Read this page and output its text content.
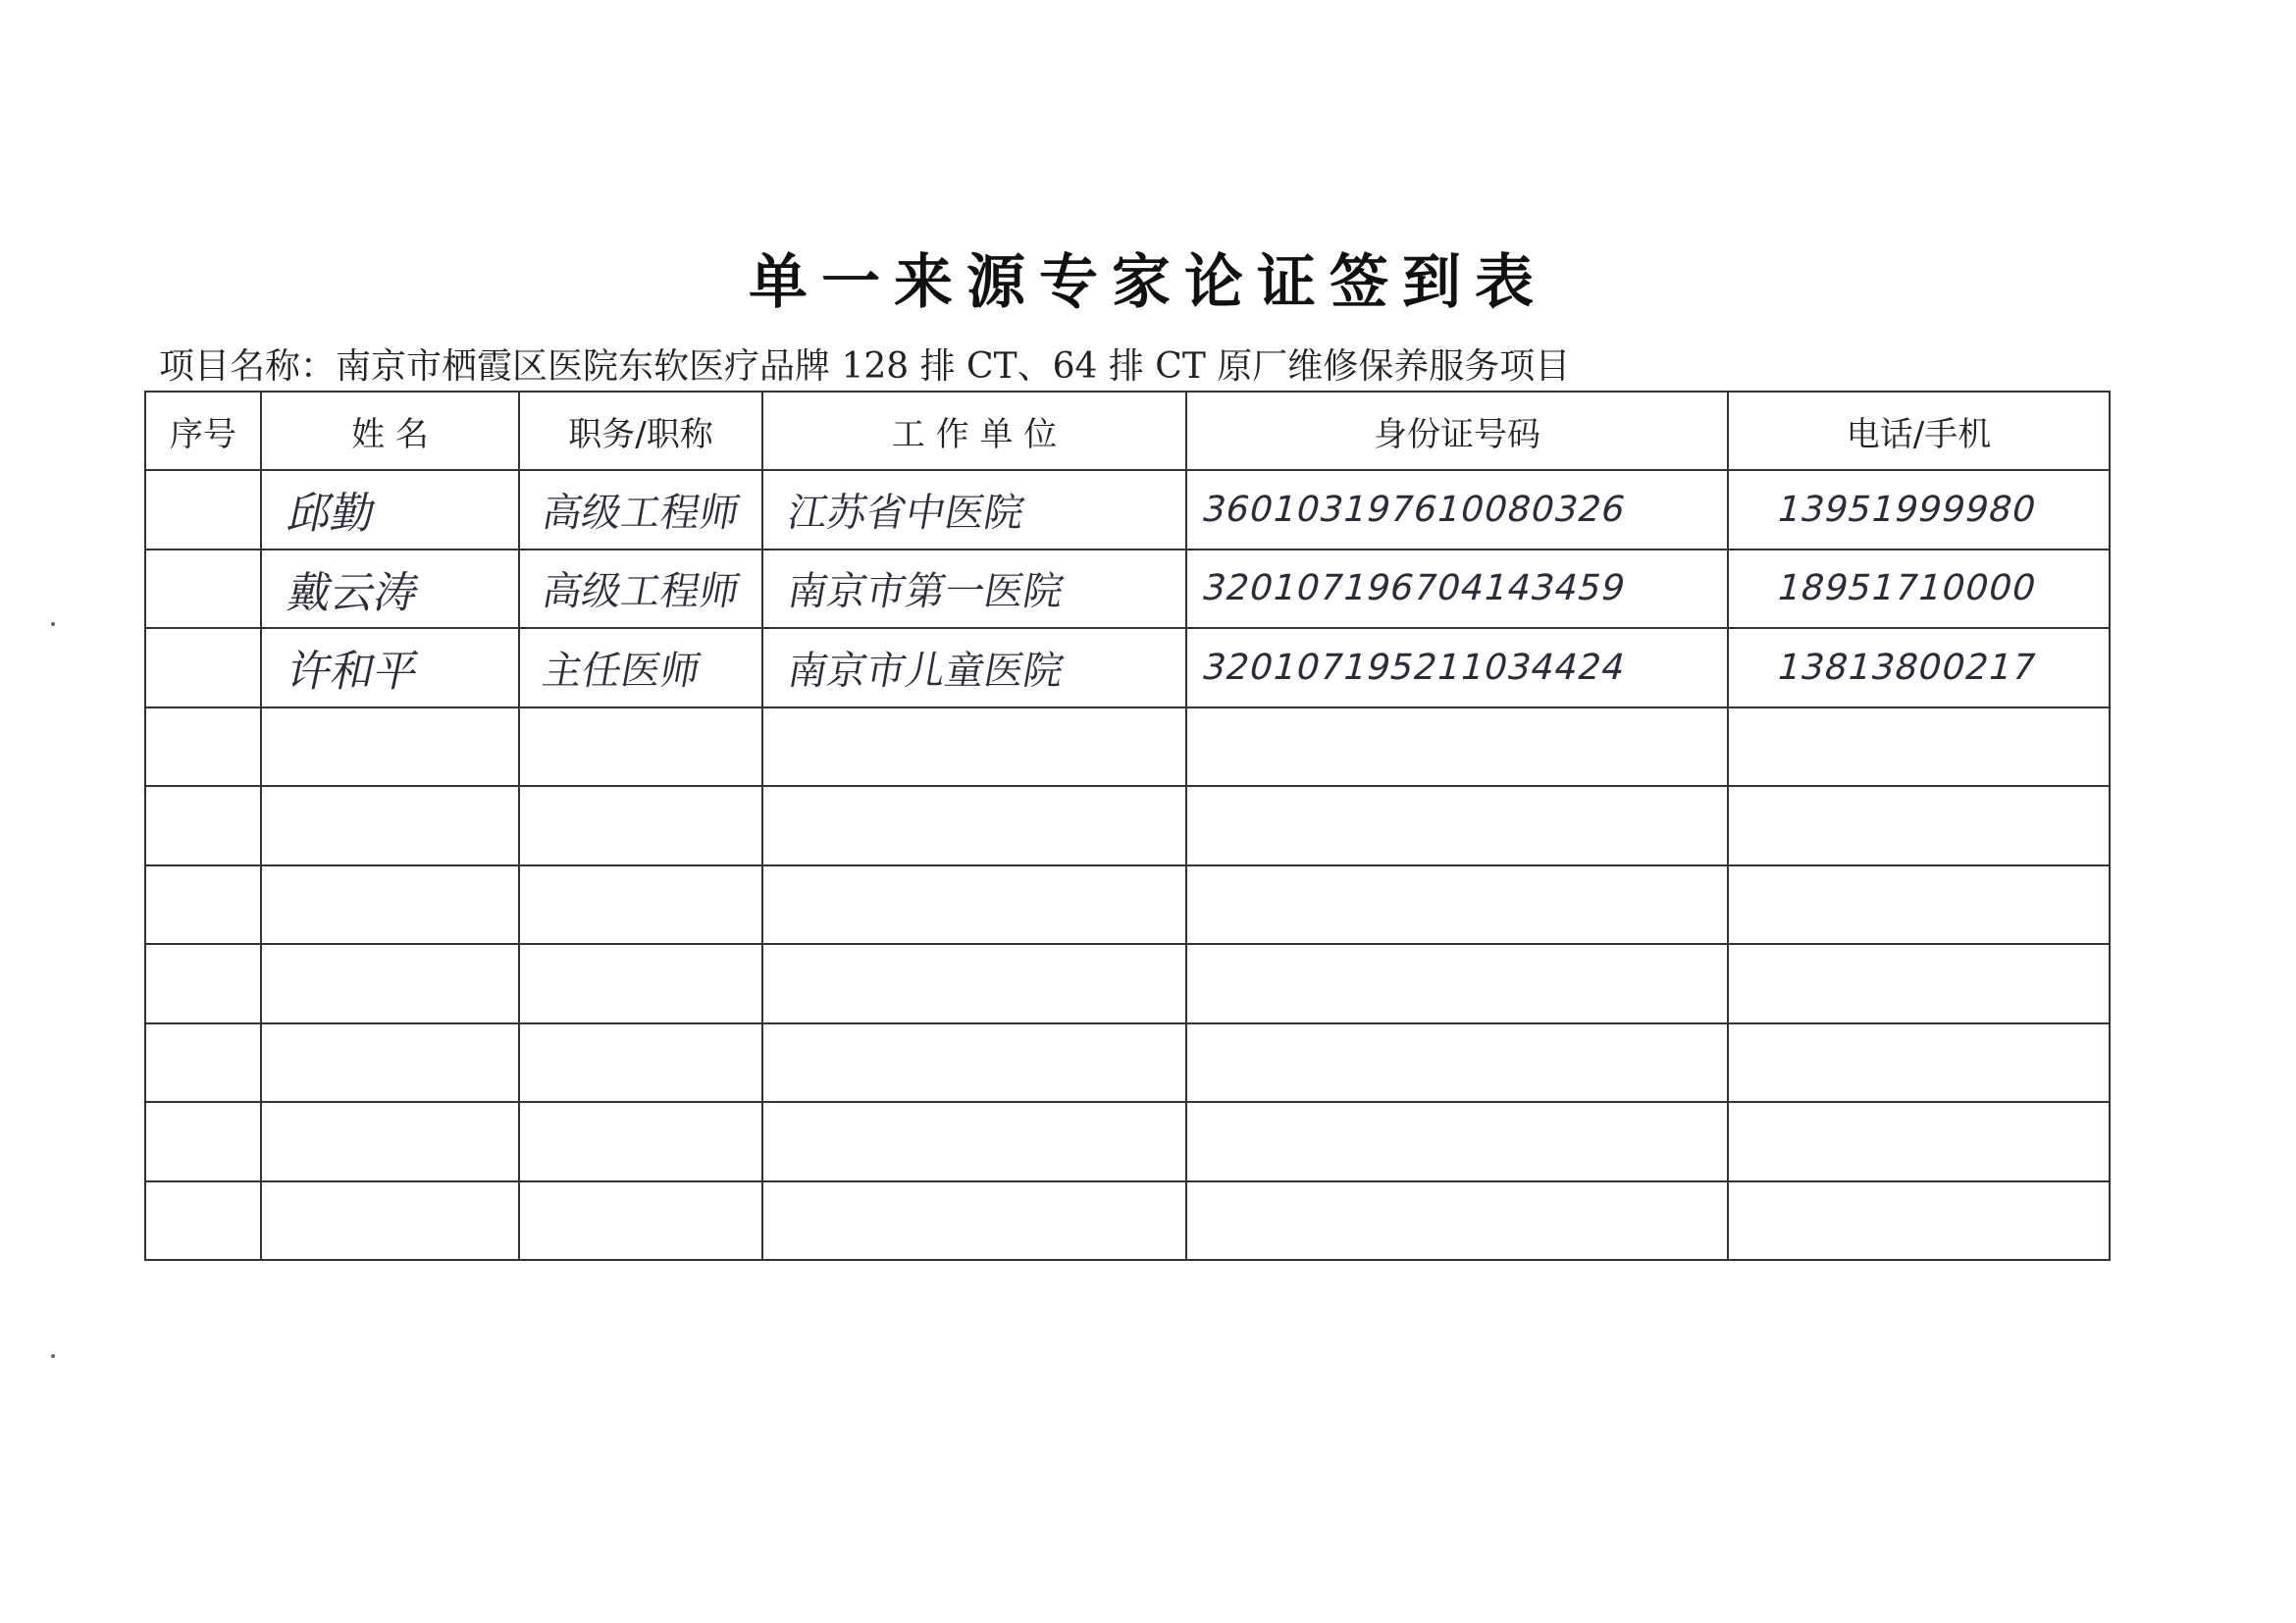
单一来源专家论证签到表
项目名称：南京市栖霞区医院东软医疗品牌 128 排 CT、64 排 CT 原厂维修保养服务项目
序号	姓 名	职务/职称	工 作 单 位	身份证号码	电话/手机

	邱勤	高级工程师	江苏省中医院	360103197610080326	13951999980

	戴云涛	高级工程师	南京市第一医院	320107196704143459	18951710000

	许和平	主任医师	南京市儿童医院	320107195211034424	13813800217
